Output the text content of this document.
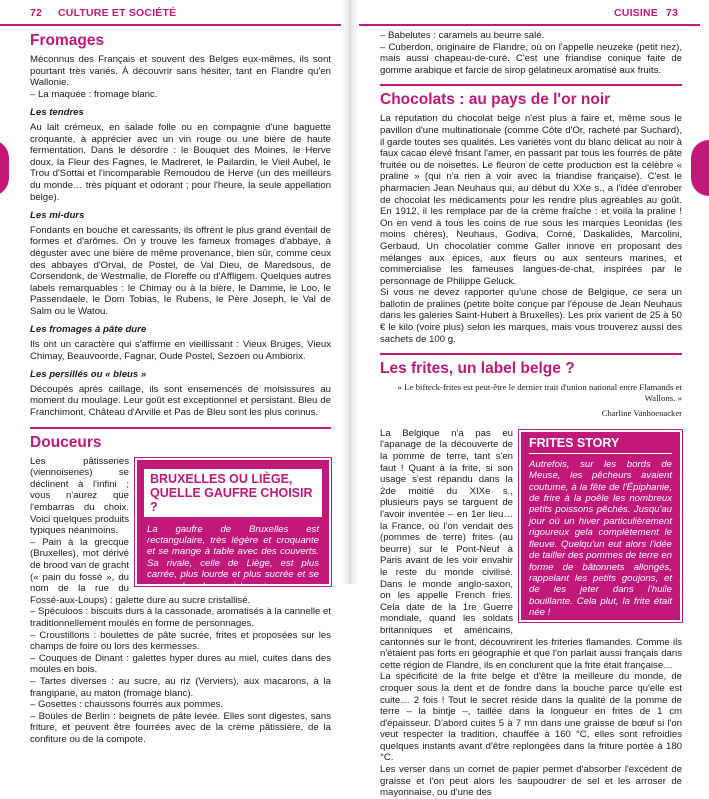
72 CULTURE ET SOCIÉTÉ	CUISINE 73
Fromages

Méconnus des Français et souvent des Belges eux-mêmes, ils sont pourtant très variés. À découvrir sans hésiter, tant en Flandre qu'en Wallonie.

– La maquée : fromage blanc.

Les tendres

Au lait crémeux, en salade folle ou en compagnie d'une baguette croquante, à apprécier avec un vin rouge ou une bière de haute fermentation. Dans le désordre : le Bouquet des Moines, le Herve doux, la Fleur des Fagnes, le Madreret, le Pailardin, le Vieil Aubel, le Trou d'Sottai et l'incomparable Remoudou de Herve (un des meilleurs du monde… très piquant et odorant ; pour l'heure, la seule appellation belge).

Les mi-durs

Fondants en bouche et caressants, ils offrent le plus grand éventail de formes et d'arômes. On y trouve les fameux fromages d'abbaye, à déguster avec une bière de même provenance, bien sûr, comme ceux des abbayes d'Orval, de Postel, de Val Dieu, de Maredsous, de Corsendonk, de Westmalle, de Floreffe ou d'Affligem. Quelques autres labels remarquables : le Chimay ou à la bière, le Damme, le Loo, le Passendaele, le Dom Tobias, le Rubens, le Père Joseph, le Val de Salm ou le Watou.

Les fromages à pâte dure

Ils ont un caractère qui s'affirme en vieillissant : Vieux Bruges, Vieux Chimay, Beauvoorde, Fagnar, Oude Postel, Sezoen ou Ambiorix.

Les persillés ou « bleus »

Découpés après caillage, ils sont ensemencés de moisissures au moment du moulage. Leur goût est exceptionnel et persistant. Bleu de Franchimont, Château d'Arville et Pas de Bleu sont les plus connus.

Douceurs
BRUXELLES OU LIÈGE, QUELLE GAUFRE CHOISIR ?
La gaufre de Bruxelles est rectangulaire, très légère et croquante et se mange à table avec des couverts. Sa rivale, celle de Liège, est plus carrée, plus lourde et plus sucrée et se mange dans la rue, à la main.

Les pâtisseries (viennoiseries) se déclinent à l'infini ; vous n'aurez que l'embarras du choix. Voici quelques produits typiques néanmoins.

– Pain à la grecque (Bruxelles), mot dérivé de brood van de gracht (« pain du fossé », du nom de la rue du Fossé-aux-Loups) : galette dure au sucre cristallisé.

– Spéculoos : biscuits durs à la cassonade, aromatisés à la cannelle et traditionnellement moulés en forme de personnages.

– Croustillons : boulettes de pâte sucrée, frites et proposées sur les champs de foire ou lors des kermesses.

– Couques de Dinant : galettes hyper dures au miel, cuites dans des moules en bois.

– Tartes diverses : au sucre, au riz (Verviers), aux macarons, à la frangipane, au maton (fromage blanc).

– Gosettes : chaussons fourrés aux pommes.

– Boules de Berlin : beignets de pâte levée. Elles sont digestes, sans friture, et peuvent être fourrées avec de la crème pâtissière, de la confiture ou de la compote.

– Babelutes : caramels au beurre salé.

– Cuberdon, originaire de Flandre, où on l'appelle neuzeke (petit nez), mais aussi chapeau-de-curé. C'est une friandise conique faite de gomme arabique et farcie de sirop gélatineux aromatisé aux fruits.

Chocolats : au pays de l'or noir

La réputation du chocolat belge n'est plus à faire et, même sous le pavillon d'une multinationale (comme Côte d'Or, racheté par Suchard), il garde toutes ses qualités. Les variétés vont du blanc délicat au noir à faux cacao élevé frisant l'amer, en passant par tous les fourrés de pâte fruitée ou de noisettes. Le fleuron de cette production est la célèbre « praline » (qui n'a rien à voir avec la friandise française). C'est le pharmacien Jean Neuhaus qui, au début du XXe s., a l'idée d'enrober de chocolat les médicaments pour les rendre plus agréables au goût. En 1912, il les remplace par de la crème fraîche : et voilà la praline ! On en vend à tous les coins de rue sous les marques Leonidas (les moins chères), Neuhaus, Godiva, Corné, Daskalidès, Marcolini, Gerbaud. Un chocolatier comme Galler innove en proposant des mélanges aux épices, aux fleurs ou aux senteurs marines, et commercialise les fameuses langues-de-chat, inspirées par le personnage de Philippe Geluck.

Si vous ne devez rapporter qu'une chose de Belgique, ce sera un ballotin de pralines (petite boîte conçue par l'épouse de Jean Neuhaus dans les galeries Saint-Hubert à Bruxelles). Les prix varient de 25 à 50 € le kilo (voire plus) selon les marques, mais vous trouverez aussi des sachets de 100 g.

Les frites, un label belge ?
« Le bifteck-frites est peut-être le dernier trait d'union national entre Flamands et Wallons. »
Charline Vanhoenacker
FRITES STORY
Autrefois, sur les bords de Meuse, les pêcheurs avaient coutume, à la fête de l'Épiphanie, de frire à la poêle les nombreux petits poissons pêchés. Jusqu'au jour où un hiver particulièrement rigoureux gela complètement le fleuve. Quelqu'un eut alors l'idée de tailler des pommes de terre en forme de bâtonnets allongés, rappelant les petits goujons, et de les jeter dans l'huile bouillante. Cela plut, la frite était née !

La Belgique n'a pas eu l'apanage de la découverte de la pomme de terre, tant s'en faut ! Quant à la frite, si son usage s'est répandu dans la 2de moitié du XIXe s., plusieurs pays se targuent de l'avoir inventée – en 1er lieu… la France, où l'on vendait des (pommes de terre) frites (au beurre) sur le Pont-Neuf à Paris avant de les voir envahir le reste du monde civilisé. Dans le monde anglo-saxon, on les appelle French fries. Cela date de la 1re Guerre mondiale, quand les soldats britanniques et américains, cantonnés sur le front, découvrirent les friteries flamandes. Comme ils n'étaient pas forts en géographie et que l'on parlait aussi français dans cette région de Flandre, ils en conclurent que la frite était française…

La spécificité de la frite belge et d'être la meilleure du monde, de croquer sous la dent et de fondre dans la bouche parce qu'elle est cuite… 2 fois ! Tout le secret réside dans la qualité de la pomme de terre – la bintje –, taillée dans la longueur en frites de 1 cm d'épaisseur. D'abord cuites 5 à 7 mn dans une graisse de bœuf si l'on veut respecter la tradition, chauffée à 160 °C, elles sont refroidies quelques instants avant d'être replongées dans la friture portée à 180 °C.

Les verser dans un cornet de papier permet d'absorber l'excédent de graisse et l'on peut alors les saupoudrer de sel et les arroser de mayonnaise, ou d'une des
